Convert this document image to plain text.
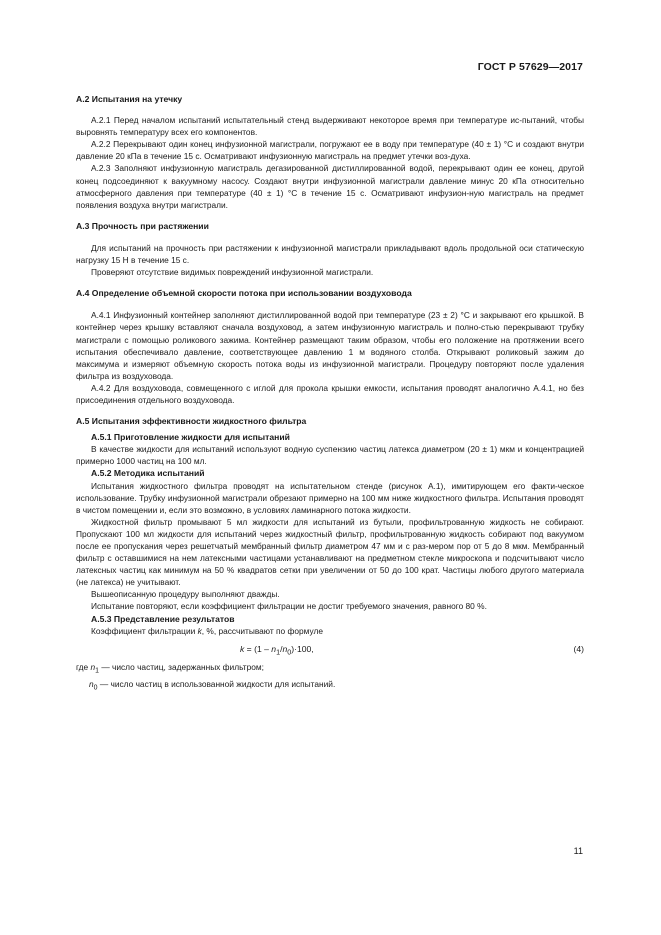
ГОСТ Р 57629—2017
А.2 Испытания на утечку

А.2.1 Перед началом испытаний испытательный стенд выдерживают некоторое время при температуре ис-пытаний, чтобы выровнять температуру всех его компонентов.

А.2.2 Перекрывают один конец инфузионной магистрали, погружают ее в воду при температуре (40 ± 1) °С и создают внутри давление 20 кПа в течение 15 с. Осматривают инфузионную магистраль на предмет утечки воз-духа.

А.2.3 Заполняют инфузионную магистраль дегазированной дистиллированной водой, перекрывают один ее конец, другой конец подсоединяют к вакуумному насосу. Создают внутри инфузионной магистрали давление минус 20 кПа относительно атмосферного давления при температуре (40 ± 1) °С в течение 15 с. Осматривают инфузион-ную магистраль на предмет появления воздуха внутри магистрали.

А.3 Прочность при растяжении

Для испытаний на прочность при растяжении к инфузионной магистрали прикладывают вдоль продольной оси статическую нагрузку 15 Н в течение 15 с.

Проверяют отсутствие видимых повреждений инфузионной магистрали.

А.4 Определение объемной скорости потока при использовании воздуховода

А.4.1 Инфузионный контейнер заполняют дистиллированной водой при температуре (23 ± 2) °С и закрывают его крышкой. В контейнер через крышку вставляют сначала воздуховод, а затем инфузионную магистраль и полно-стью перекрывают трубку магистрали с помощью роликового зажима. Контейнер размещают таким образом, чтобы его положение на протяжении всего испытания обеспечивало давление, соответствующее давлению 1 м водяного столба. Открывают роликовый зажим до максимума и измеряют объемную скорость потока воды из инфузионной магистрали. Процедуру повторяют после удаления фильтра из воздуховода.

А.4.2 Для воздуховода, совмещенного с иглой для прокола крышки емкости, испытания проводят аналогично А.4.1, но без присоединения отдельного воздуховода.

А.5 Испытания эффективности жидкостного фильтра
А.5.1 Приготовление жидкости для испытаний

В качестве жидкости для испытаний используют водную суспензию частиц латекса диаметром (20 ± 1) мкм и концентрацией примерно 1000 частиц на 100 мл.

А.5.2 Методика испытаний

Испытания жидкостного фильтра проводят на испытательном стенде (рисунок А.1), имитирующем его факти-ческое использование. Трубку инфузионной магистрали обрезают примерно на 100 мм ниже жидкостного фильтра. Испытания проводят в чистом помещении и, если это возможно, в условиях ламинарного потока жидкости.

Жидкостной фильтр промывают 5 мл жидкости для испытаний из бутыли, профильтрованную жидкость не собирают. Пропускают 100 мл жидкости для испытаний через жидкостный фильтр, профильтрованную жидкость собирают под вакуумом после ее пропускания через решетчатый мембранный фильтр диаметром 47 мм и с раз-мером пор от 5 до 8 мкм. Мембранный фильтр с оставшимися на нем латексными частицами устанавливают на предметном стекле микроскопа и подсчитывают число латексных частиц как минимум на 50 % квадратов сетки при увеличении от 50 до 100 крат. Частицы любого другого материала (не латекса) не учитывают.

Вышеописанную процедуру выполняют дважды.

Испытание повторяют, если коэффициент фильтрации не достиг требуемого значения, равного 80 %.

А.5.3 Представление результатов

Коэффициент фильтрации k, %, рассчитывают по формуле

$k = (1 - n_1/n_0)\cdot 100$,	(4)

где $n_1$ — число частиц, задержанных фильтром;

$n_0$ — число частиц в использованной жидкости для испытаний.

11
